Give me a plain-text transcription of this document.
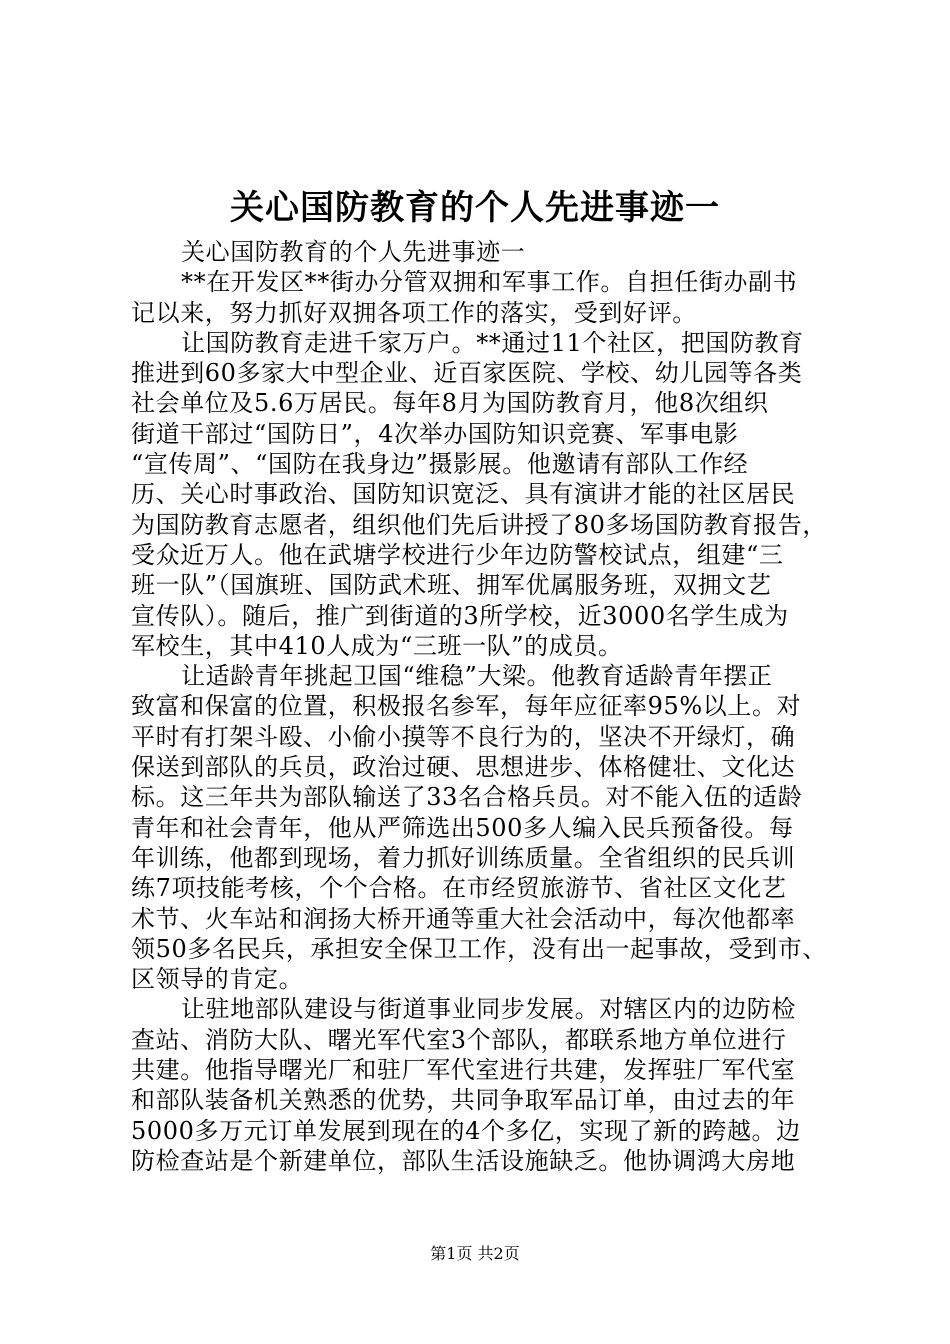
关心国防教育的个人先进事迹一
关心国防教育的个人先进事迹一
**在开发区**街办分管双拥和军事工作。自担任街办副书
记以来，努力抓好双拥各项工作的落实，受到好评。
让国防教育走进千家万户。**通过11个社区，把国防教育
推进到60多家大中型企业、近百家医院、学校、幼儿园等各类
社会单位及5.6万居民。每年8月为国防教育月，他8次组织
街道干部过“国防日”，4次举办国防知识竞赛、军事电影
“宣传周”、“国防在我身边”摄影展。他邀请有部队工作经
历、关心时事政治、国防知识宽泛、具有演讲才能的社区居民
为国防教育志愿者，组织他们先后讲授了80多场国防教育报告，
受众近万人。他在武塘学校进行少年边防警校试点，组建“三
班一队”（国旗班、国防武术班、拥军优属服务班，双拥文艺
宣传队）。随后，推广到街道的3所学校，近3000名学生成为
军校生，其中410人成为“三班一队”的成员。
让适龄青年挑起卫国“维稳”大梁。他教育适龄青年摆正
致富和保富的位置，积极报名参军，每年应征率95%以上。对
平时有打架斗殴、小偷小摸等不良行为的，坚决不开绿灯，确
保送到部队的兵员，政治过硬、思想进步、体格健壮、文化达
标。这三年共为部队输送了33名合格兵员。对不能入伍的适龄
青年和社会青年，他从严筛选出500多人编入民兵预备役。每
年训练，他都到现场，着力抓好训练质量。全省组织的民兵训
练7项技能考核，个个合格。在市经贸旅游节、省社区文化艺
术节、火车站和润扬大桥开通等重大社会活动中，每次他都率
领50多名民兵，承担安全保卫工作，没有出一起事故，受到市、
区领导的肯定。
让驻地部队建设与街道事业同步发展。对辖区内的边防检
查站、消防大队、曙光军代室3个部队，都联系地方单位进行
共建。他指导曙光厂和驻厂军代室进行共建，发挥驻厂军代室
和部队装备机关熟悉的优势，共同争取军品订单，由过去的年
5000多万元订单发展到现在的4个多亿，实现了新的跨越。边
防检查站是个新建单位，部队生活设施缺乏。他协调鸿大房地
第1页 共2页
